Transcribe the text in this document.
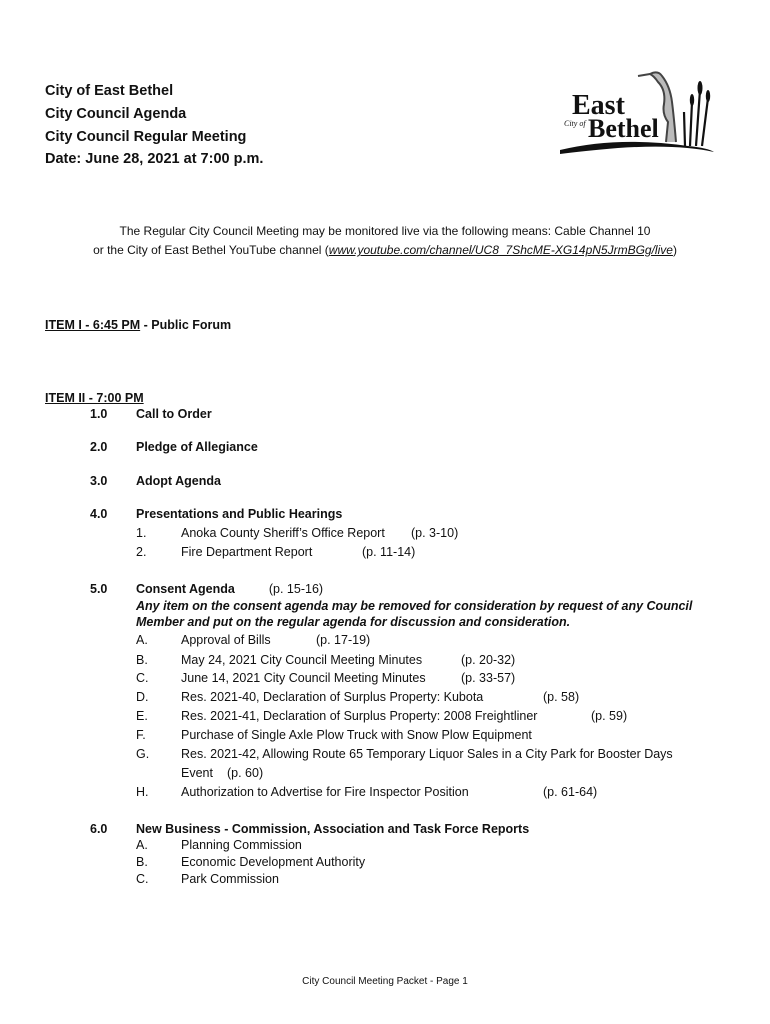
City of East Bethel
City Council Agenda
City Council Regular Meeting
Date: June 28, 2021 at 7:00 p.m.
East
City of Bethel
The Regular City Council Meeting may be monitored live via the following means: Cable Channel 10
or the City of East Bethel YouTube channel (www.youtube.com/channel/UC8_7ShcME-XG14pN5JrmBGg/live)
ITEM I - 6:45 PM - Public Forum
ITEM II - 7:00 PM
1.0 Call to Order
2.0 Pledge of Allegiance
3.0 Adopt Agenda
4.0 Presentations and Public Hearings
1.	Anoka County Sheriff’s Office Report (p. 3-10)
2.	Fire Department Report	(p. 11-14)
5.0 Consent Agenda	(p. 15-16)
Any item on the consent agenda may be removed for consideration by request of any Council
Member and put on the regular agenda for discussion and consideration.
A.	Approval of Bills	(p. 17-19)
B.	May 24, 2021 City Council Meeting Minutes	(p. 20-32)
C.	June 14, 2021 City Council Meeting Minutes	(p. 33-57)
D.	Res. 2021-40, Declaration of Surplus Property: Kubota	(p. 58)
E.	Res. 2021-41, Declaration of Surplus Property: 2008 Freightliner	(p. 59)
F.	Purchase of Single Axle Plow Truck with Snow Plow Equipment
G.	Res. 2021-42, Allowing Route 65 Temporary Liquor Sales in a City Park for Booster Days
Event (p. 60)
H.	Authorization to Advertise for Fire Inspector Position	(p. 61-64)
6.0 New Business - Commission, Association and Task Force Reports
A.	Planning Commission
B.	Economic Development Authority
C.	Park Commission
City Council Meeting Packet - Page 1
